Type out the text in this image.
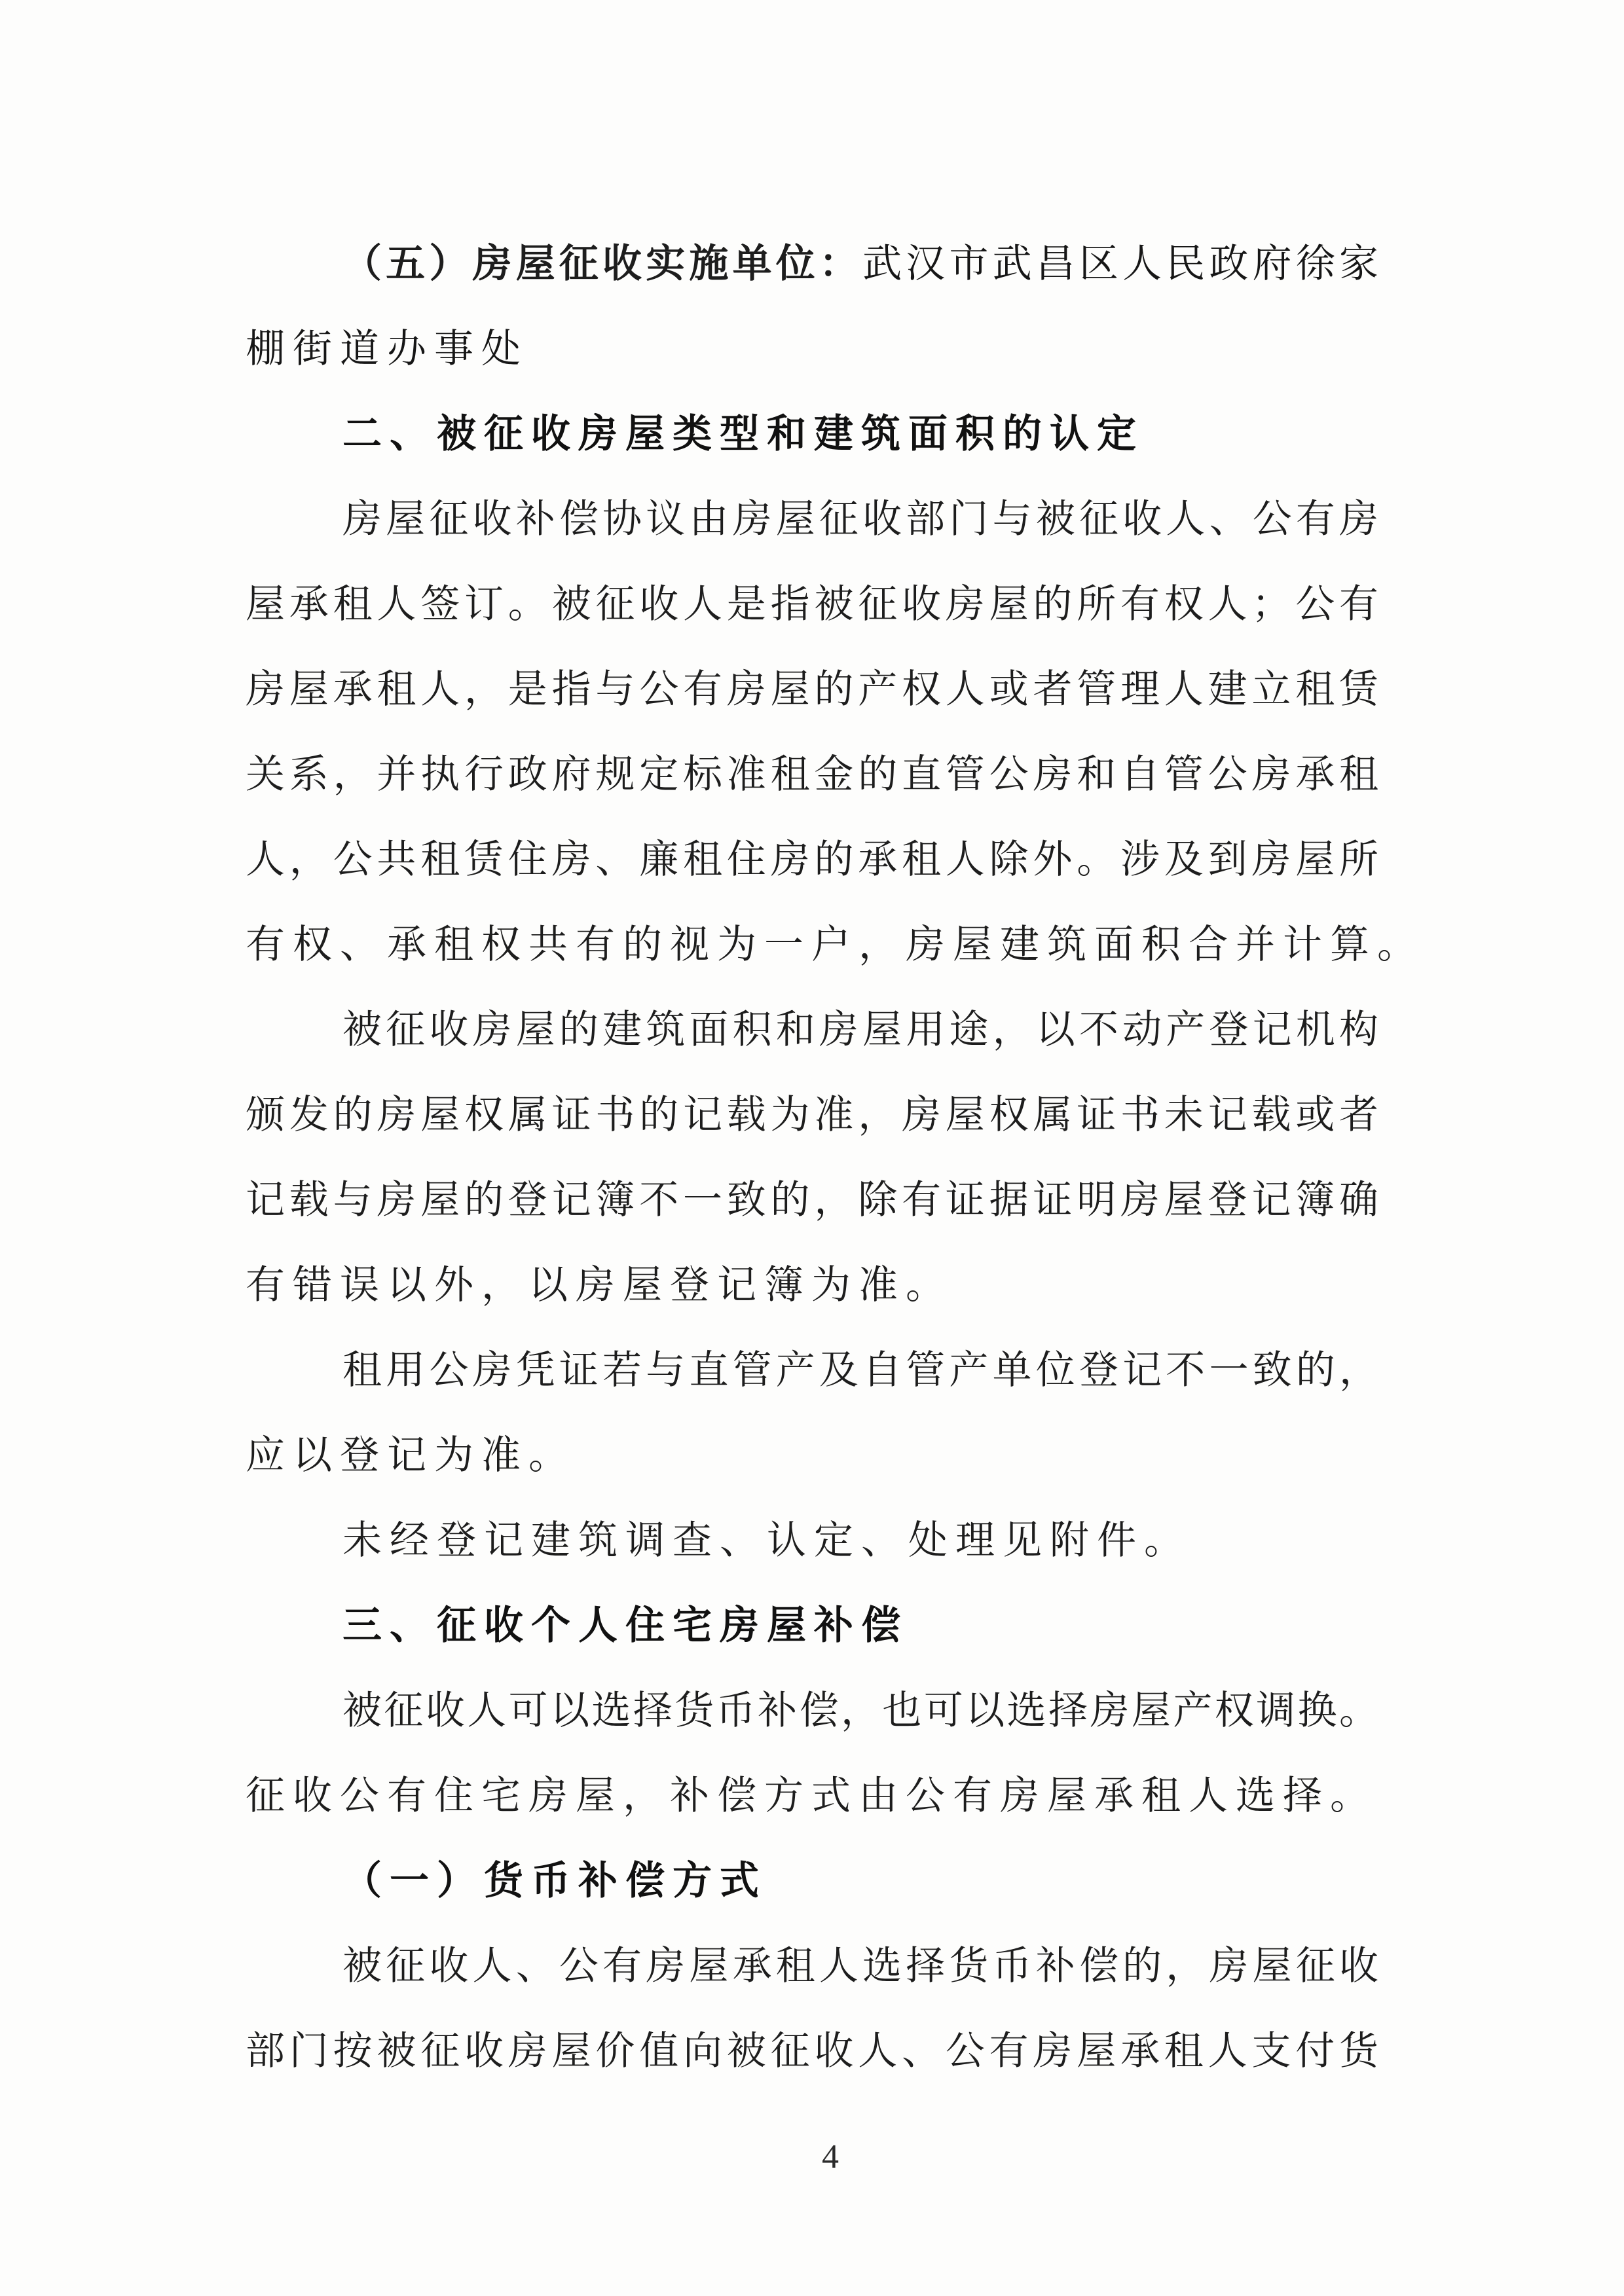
（五）房屋征收实施单位：武汉市武昌区人民政府徐家
棚街道办事处
二、被征收房屋类型和建筑面积的认定
房屋征收补偿协议由房屋征收部门与被征收人、公有房
屋承租人签订。被征收人是指被征收房屋的所有权人；公有
房屋承租人，是指与公有房屋的产权人或者管理人建立租赁
关系，并执行政府规定标准租金的直管公房和自管公房承租
人，公共租赁住房、廉租住房的承租人除外。涉及到房屋所
有权、承租权共有的视为一户，房屋建筑面积合并计算。
被征收房屋的建筑面积和房屋用途，以不动产登记机构
颁发的房屋权属证书的记载为准，房屋权属证书未记载或者
记载与房屋的登记簿不一致的，除有证据证明房屋登记簿确
有错误以外，以房屋登记簿为准。
租用公房凭证若与直管产及自管产单位登记不一致的，
应以登记为准。
未经登记建筑调查、认定、处理见附件。
三、征收个人住宅房屋补偿
被征收人可以选择货币补偿，也可以选择房屋产权调换。
征收公有住宅房屋，补偿方式由公有房屋承租人选择。
（一）货币补偿方式
被征收人、公有房屋承租人选择货币补偿的，房屋征收
部门按被征收房屋价值向被征收人、公有房屋承租人支付货
4
